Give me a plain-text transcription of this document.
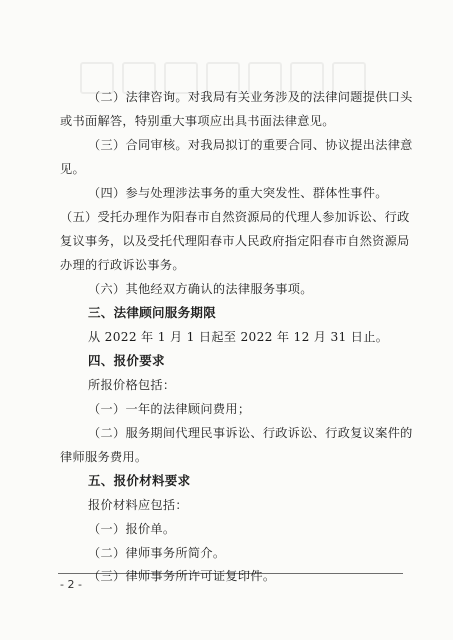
（二）法律咨询。对我局有关业务涉及的法律问题提供口头
或书面解答，特别重大事项应出具书面法律意见。
（三）合同审核。对我局拟订的重要合同、协议提出法律意
见。
（四）参与处理涉法事务的重大突发性、群体性事件。
（五）受托办理作为阳春市自然资源局的代理人参加诉讼、行政
复议事务，以及受托代理阳春市人民政府指定阳春市自然资源局
办理的行政诉讼事务。
（六）其他经双方确认的法律服务事项。
三、法律顾问服务期限
从 2022 年 1 月 1 日起至 2022 年 12 月 31 日止。
四、报价要求
所报价格包括：
（一）一年的法律顾问费用；
（二）服务期间代理民事诉讼、行政诉讼、行政复议案件的
律师服务费用。
五、报价材料要求
报价材料应包括：
（一）报价单。
（二）律师事务所简介。
（三）律师事务所许可证复印件。
- 2 -
